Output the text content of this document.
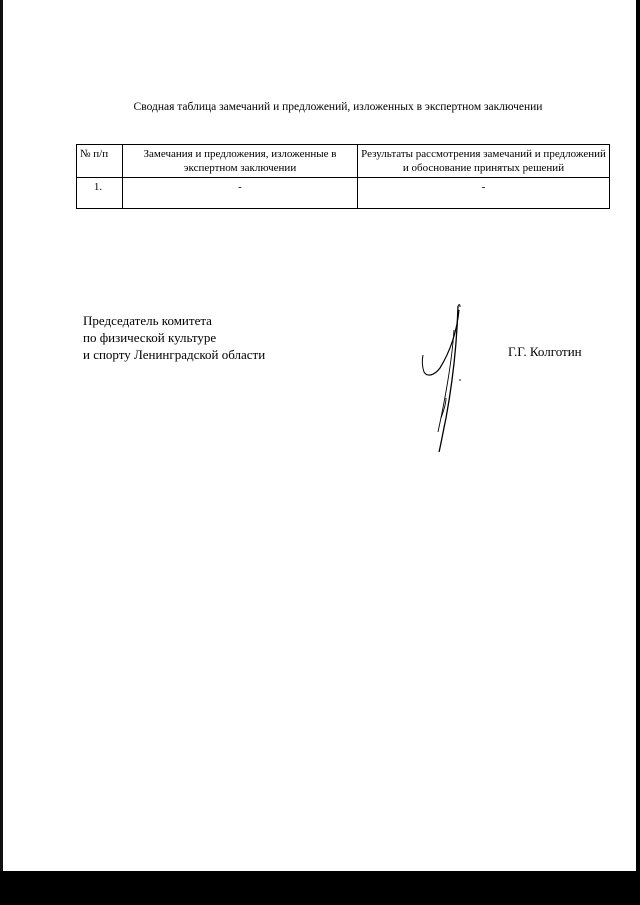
Сводная таблица замечаний и предложений, изложенных в экспертном заключении
№ п/п	Замечания и предложения, изложенные в экспертном заключении	Результаты рассмотрения замечаний и предложений и обоснование принятых решений
1.	-	-
Председатель комитета
по физической культуре
и спорту Ленинградской области	Г.Г. Колготин
